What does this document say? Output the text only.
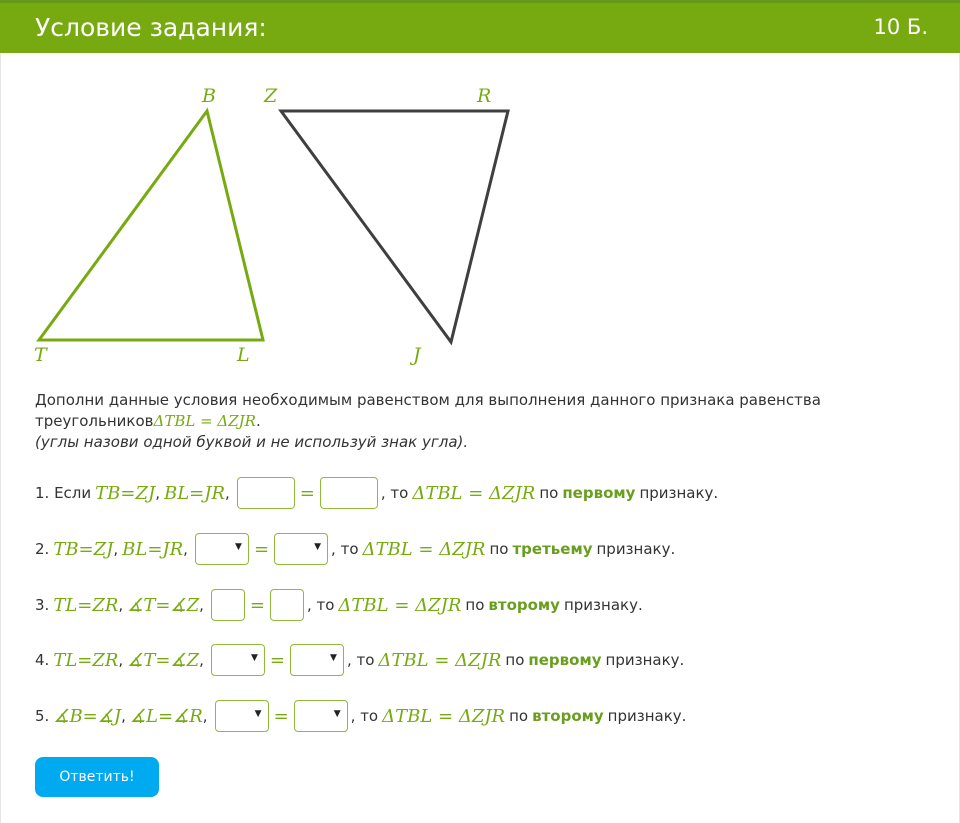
Условие задания:	10 Б.
B
T	L
Z	R
J
Дополни данные условия необходимым равенством для выполнения данного признака равенства
треугольниковΔTBL = ΔZJR.
(углы назови одной буквой и не используй знак угла).
1. Если TB=ZJ , BL=JR ,	=	, то ΔTBL = ΔZJR по первому признаку.
2. TB=ZJ , BL=JR ,	▼ =	▼ , то ΔTBL = ΔZJR по третьему признаку.
3. TL=ZR , ∡T=∡Z ,	=	, то ΔTBL = ΔZJR по второму признаку.
4. TL=ZR , ∡T=∡Z ,	▼ =	▼ , то ΔTBL = ΔZJR по первому признаку.
5. ∡B=∡J , ∡L=∡R ,	▼ =	▼ , то ΔTBL = ΔZJR по второму признаку.
Ответить!
